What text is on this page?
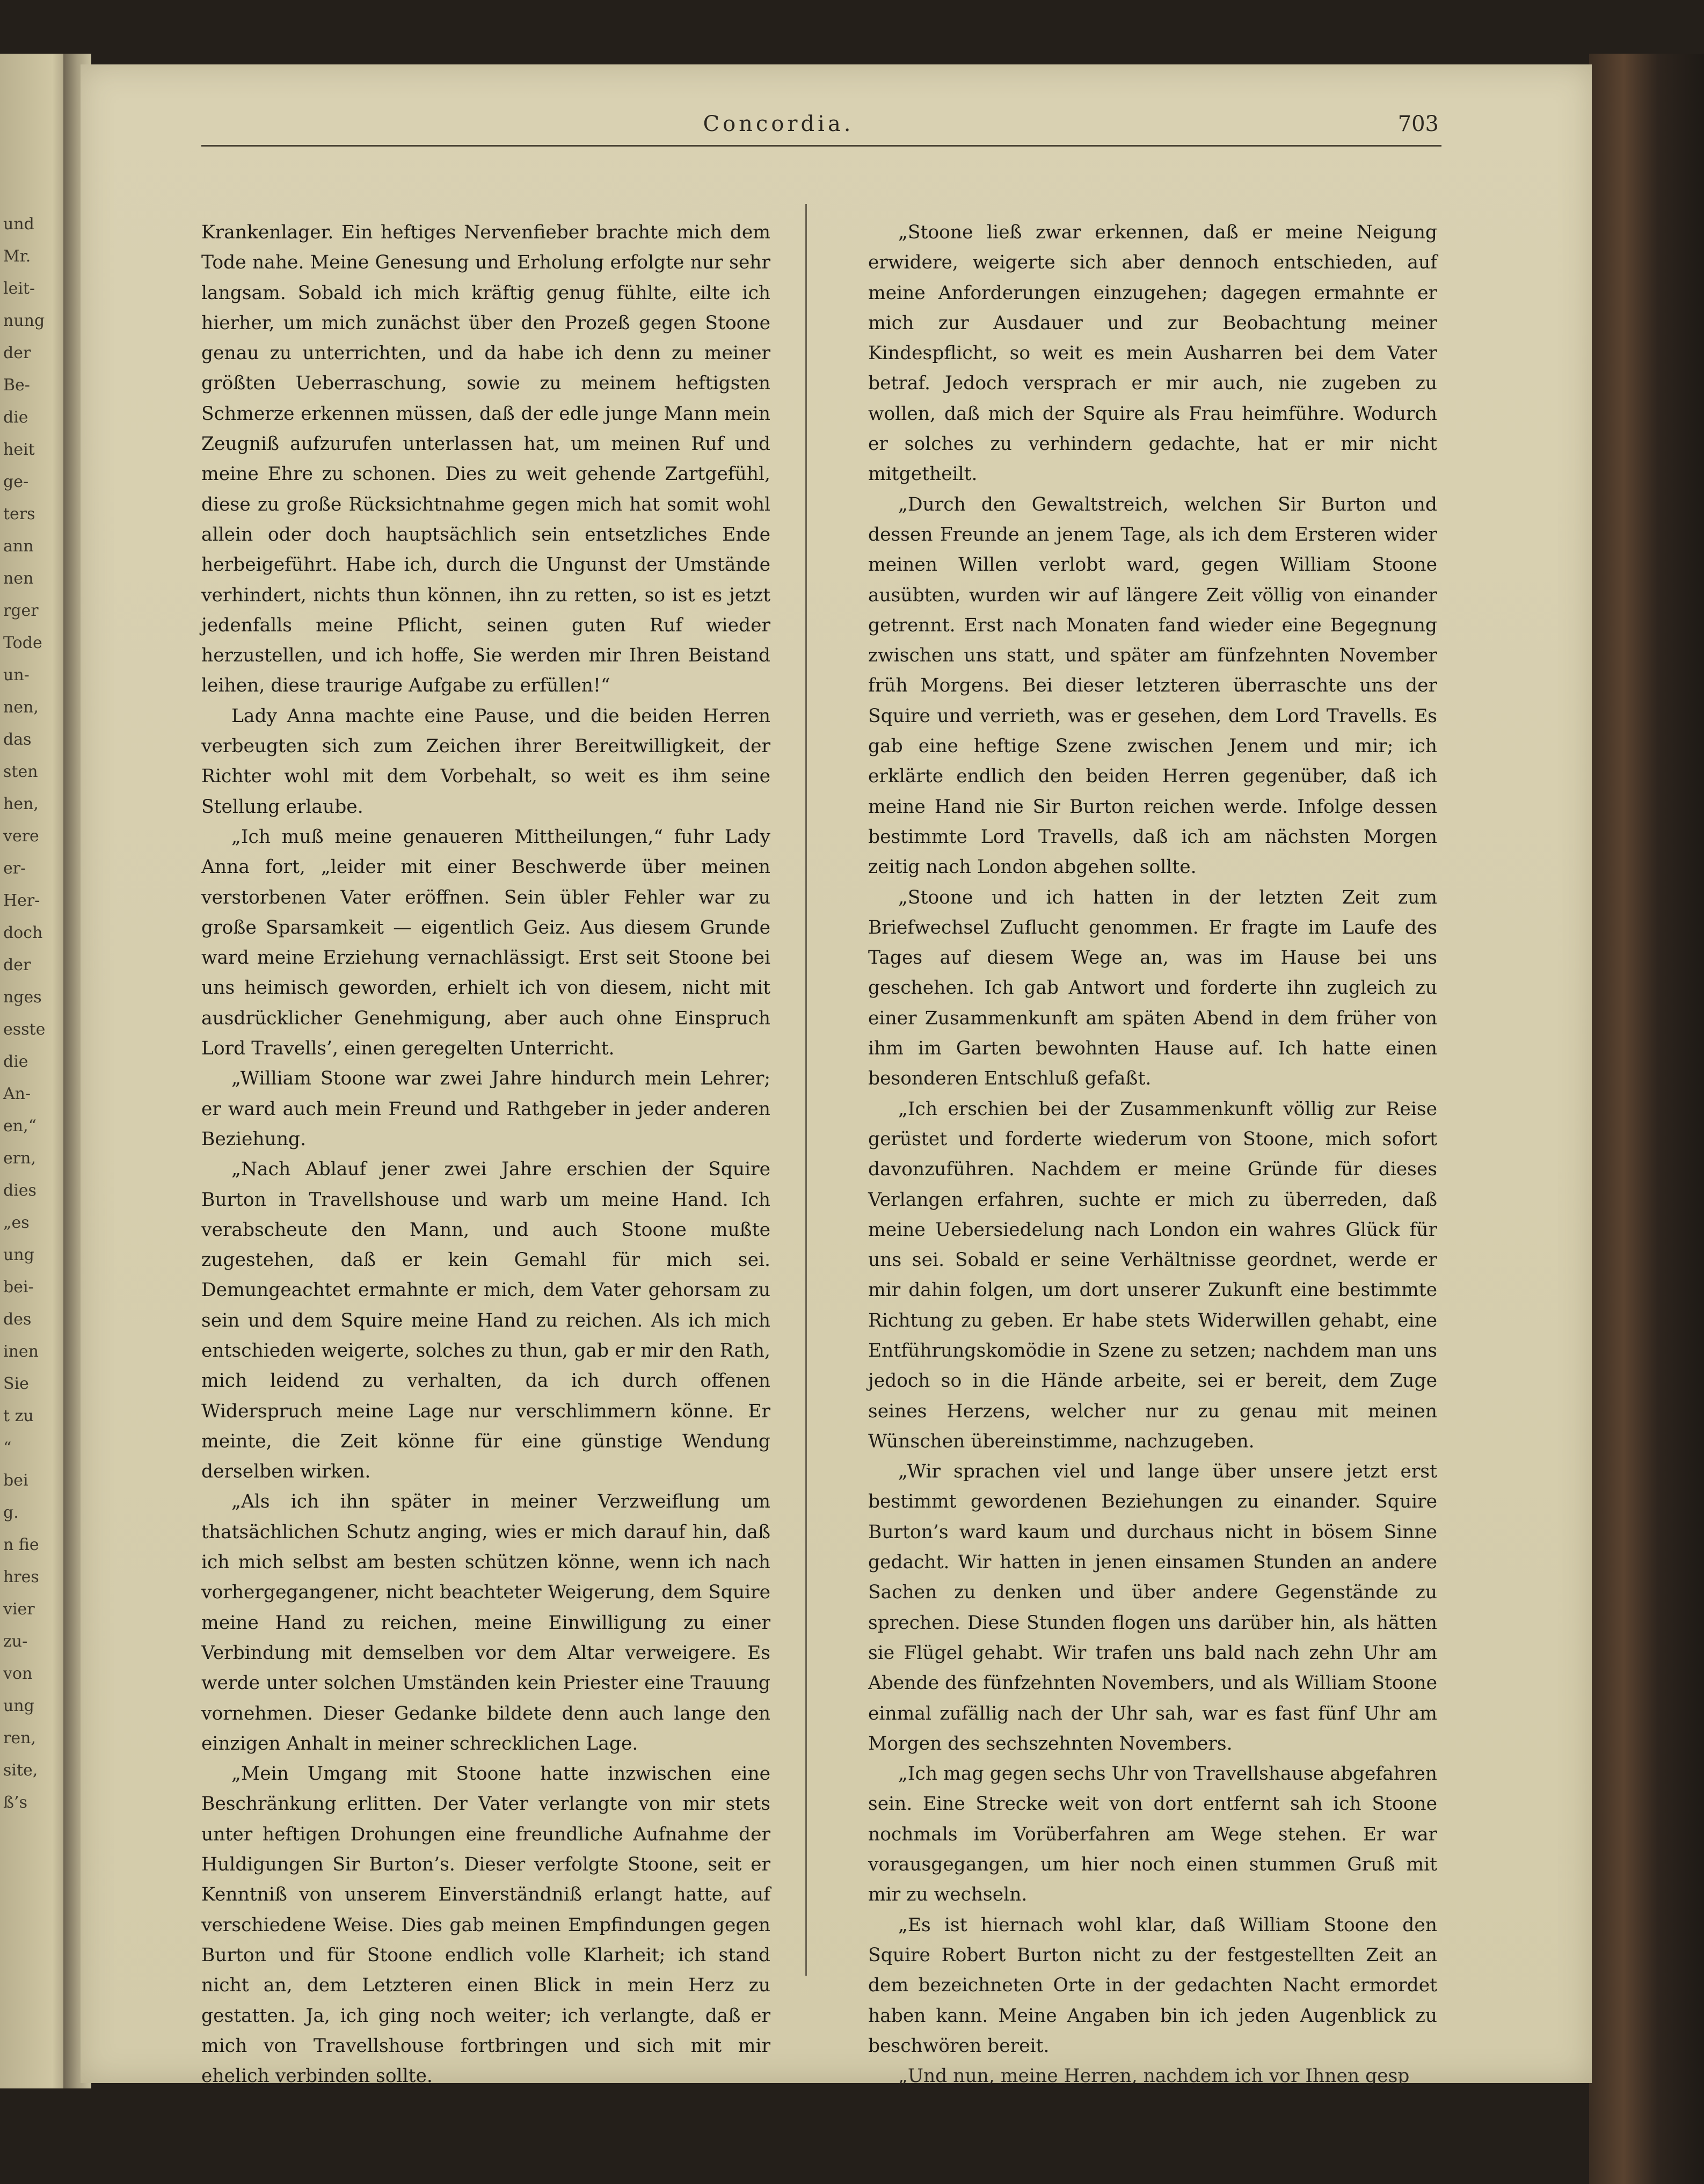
und
Mr.
leit-
nung
der
Be-
die
heit
ge-
ters
ann
nen
rger
Tode
un-
nen,
das
sten
hen,
vere
er-
Her-
doch
der
nges
esste
die
An-
en,“
ern,
dies
„es
ung
bei-
des
inen
Sie
t zu
“
bei
g.
n fie
hres
vier
zu-
von
ung
ren,
site,
ß’s
Concordia.	703

Krankenlager. Ein heftiges Nervenfieber brachte mich dem Tode nahe. Meine Genesung und Erholung erfolgte nur sehr langsam. Sobald ich mich kräftig genug fühlte, eilte ich hierher, um mich zunächst über den Prozeß gegen Stoone genau zu unterrichten, und da habe ich denn zu meiner größten Ueberraschung, sowie zu meinem heftigsten Schmerze erkennen müssen, daß der edle junge Mann mein Zeugniß aufzurufen unterlassen hat, um meinen Ruf und meine Ehre zu schonen. Dies zu weit gehende Zartgefühl, diese zu große Rücksichtnahme gegen mich hat somit wohl allein oder doch hauptsächlich sein entsetzliches Ende herbeigeführt. Habe ich, durch die Ungunst der Umstände verhindert, nichts thun können, ihn zu retten, so ist es jetzt jedenfalls meine Pflicht, seinen guten Ruf wieder herzustellen, und ich hoffe, Sie werden mir Ihren Beistand leihen, diese traurige Aufgabe zu erfüllen!“

Lady Anna machte eine Pause, und die beiden Herren verbeugten sich zum Zeichen ihrer Bereitwilligkeit, der Richter wohl mit dem Vorbehalt, so weit es ihm seine Stellung erlaube.

„Ich muß meine genaueren Mittheilungen,“ fuhr Lady Anna fort, „leider mit einer Beschwerde über meinen verstorbenen Vater eröffnen. Sein übler Fehler war zu große Sparsamkeit — eigentlich Geiz. Aus diesem Grunde ward meine Erziehung vernachlässigt. Erst seit Stoone bei uns heimisch geworden, erhielt ich von diesem, nicht mit ausdrücklicher Genehmigung, aber auch ohne Einspruch Lord Travells’, einen geregelten Unterricht.

„William Stoone war zwei Jahre hindurch mein Lehrer; er ward auch mein Freund und Rathgeber in jeder anderen Beziehung.

„Nach Ablauf jener zwei Jahre erschien der Squire Burton in Travellshouse und warb um meine Hand. Ich verabscheute den Mann, und auch Stoone mußte zugestehen, daß er kein Gemahl für mich sei. Demungeachtet ermahnte er mich, dem Vater gehorsam zu sein und dem Squire meine Hand zu reichen. Als ich mich entschieden weigerte, solches zu thun, gab er mir den Rath, mich leidend zu verhalten, da ich durch offenen Widerspruch meine Lage nur verschlimmern könne. Er meinte, die Zeit könne für eine günstige Wendung derselben wirken.

„Als ich ihn später in meiner Verzweiflung um thatsächlichen Schutz anging, wies er mich darauf hin, daß ich mich selbst am besten schützen könne, wenn ich nach vorhergegangener, nicht beachteter Weigerung, dem Squire meine Hand zu reichen, meine Einwilligung zu einer Verbindung mit demselben vor dem Altar verweigere. Es werde unter solchen Umständen kein Priester eine Trauung vornehmen. Dieser Gedanke bildete denn auch lange den einzigen Anhalt in meiner schrecklichen Lage.

„Mein Umgang mit Stoone hatte inzwischen eine Beschränkung erlitten. Der Vater verlangte von mir stets unter heftigen Drohungen eine freundliche Aufnahme der Huldigungen Sir Burton’s. Dieser verfolgte Stoone, seit er Kenntniß von unserem Einverständniß erlangt hatte, auf verschiedene Weise. Dies gab meinen Empfindungen gegen Burton und für Stoone endlich volle Klarheit; ich stand nicht an, dem Letzteren einen Blick in mein Herz zu gestatten. Ja, ich ging noch weiter; ich verlangte, daß er mich von Travellshouse fortbringen und sich mit mir ehelich verbinden sollte.

„Stoone ließ zwar erkennen, daß er meine Neigung erwidere, weigerte sich aber dennoch entschieden, auf meine Anforderungen einzugehen; dagegen ermahnte er mich zur Ausdauer und zur Beobachtung meiner Kindespflicht, so weit es mein Ausharren bei dem Vater betraf. Jedoch versprach er mir auch, nie zugeben zu wollen, daß mich der Squire als Frau heimführe. Wodurch er solches zu verhindern gedachte, hat er mir nicht mitgetheilt.

„Durch den Gewaltstreich, welchen Sir Burton und dessen Freunde an jenem Tage, als ich dem Ersteren wider meinen Willen verlobt ward, gegen William Stoone ausübten, wurden wir auf längere Zeit völlig von einander getrennt. Erst nach Monaten fand wieder eine Begegnung zwischen uns statt, und später am fünfzehnten November früh Morgens. Bei dieser letzteren überraschte uns der Squire und verrieth, was er gesehen, dem Lord Travells. Es gab eine heftige Szene zwischen Jenem und mir; ich erklärte endlich den beiden Herren gegenüber, daß ich meine Hand nie Sir Burton reichen werde. Infolge dessen bestimmte Lord Travells, daß ich am nächsten Morgen zeitig nach London abgehen sollte.

„Stoone und ich hatten in der letzten Zeit zum Briefwechsel Zuflucht genommen. Er fragte im Laufe des Tages auf diesem Wege an, was im Hause bei uns geschehen. Ich gab Antwort und forderte ihn zugleich zu einer Zusammenkunft am späten Abend in dem früher von ihm im Garten bewohnten Hause auf. Ich hatte einen besonderen Entschluß gefaßt.

„Ich erschien bei der Zusammenkunft völlig zur Reise gerüstet und forderte wiederum von Stoone, mich sofort davonzuführen. Nachdem er meine Gründe für dieses Verlangen erfahren, suchte er mich zu überreden, daß meine Uebersiedelung nach London ein wahres Glück für uns sei. Sobald er seine Verhältnisse geordnet, werde er mir dahin folgen, um dort unserer Zukunft eine bestimmte Richtung zu geben. Er habe stets Widerwillen gehabt, eine Entführungskomödie in Szene zu setzen; nachdem man uns jedoch so in die Hände arbeite, sei er bereit, dem Zuge seines Herzens, welcher nur zu genau mit meinen Wünschen übereinstimme, nachzugeben.

„Wir sprachen viel und lange über unsere jetzt erst bestimmt gewordenen Beziehungen zu einander. Squire Burton’s ward kaum und durchaus nicht in bösem Sinne gedacht. Wir hatten in jenen einsamen Stunden an andere Sachen zu denken und über andere Gegenstände zu sprechen. Diese Stunden flogen uns darüber hin, als hätten sie Flügel gehabt. Wir trafen uns bald nach zehn Uhr am Abende des fünfzehnten Novembers, und als William Stoone einmal zufällig nach der Uhr sah, war es fast fünf Uhr am Morgen des sechszehnten Novembers.

„Ich mag gegen sechs Uhr von Travellshause abgefahren sein. Eine Strecke weit von dort entfernt sah ich Stoone nochmals im Vorüberfahren am Wege stehen. Er war vorausgegangen, um hier noch einen stummen Gruß mit mir zu wechseln.

„Es ist hiernach wohl klar, daß William Stoone den Squire Robert Burton nicht zu der festgestellten Zeit an dem bezeichneten Orte in der gedachten Nacht ermordet haben kann. Meine Angaben bin ich jeden Augenblick zu beschwören bereit.

„Und nun, meine Herren, nachdem ich vor Ihnen gesp
